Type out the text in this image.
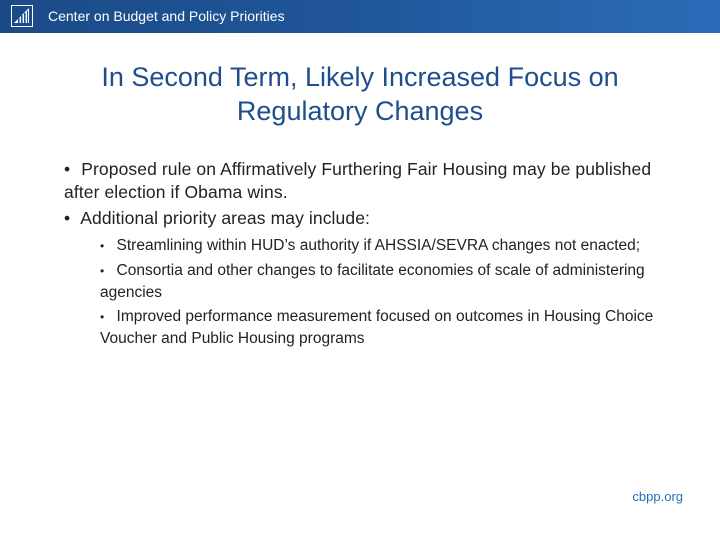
Center on Budget and Policy Priorities
In Second Term, Likely Increased Focus on Regulatory Changes
• Proposed rule on Affirmatively Furthering Fair Housing may be published after election if Obama wins.
• Additional priority areas may include:
• Streamlining within HUD’s authority if AHSSIA/SEVRA changes not enacted;
• Consortia and other changes to facilitate economies of scale of administering agencies
• Improved performance measurement focused on outcomes in Housing Choice Voucher and Public Housing programs
cbpp.org
